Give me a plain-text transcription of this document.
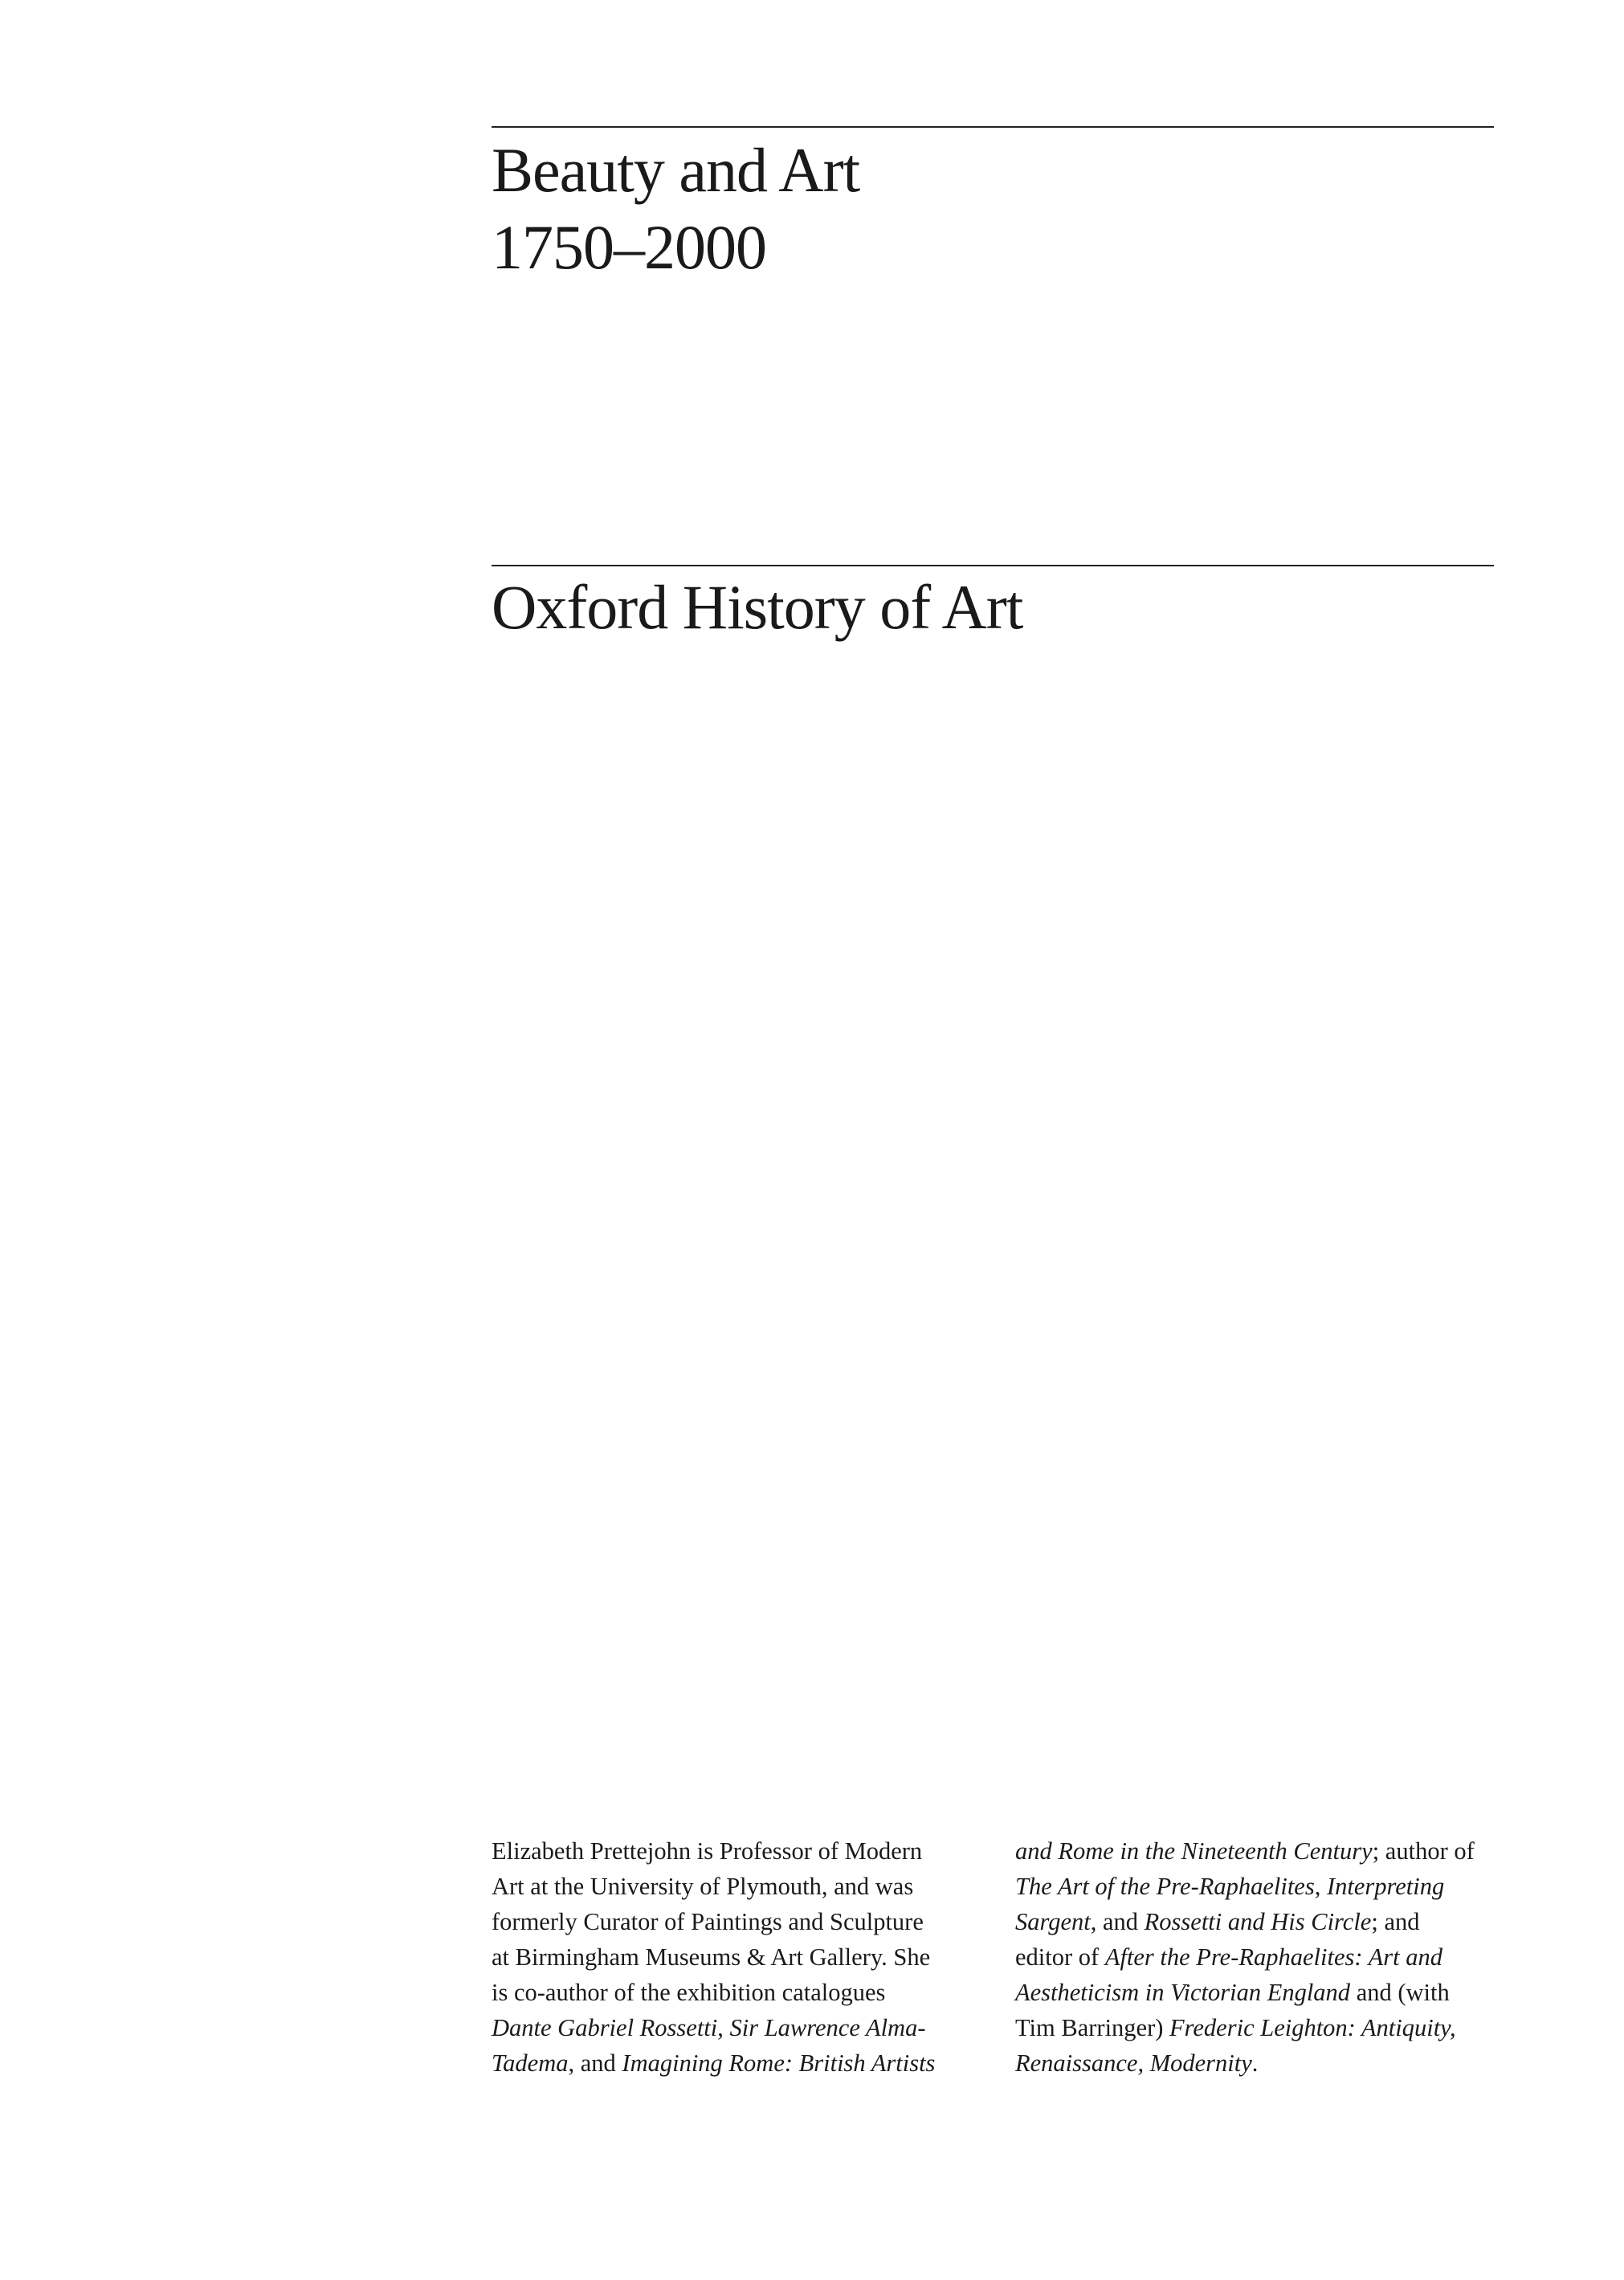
Beauty and Art
1750–2000
Oxford History of Art

Elizabeth Prettejohn is Professor of Modern
Art at the University of Plymouth, and was
formerly Curator of Paintings and Sculpture
at Birmingham Museums & Art Gallery. She
is co-author of the exhibition catalogues
Dante Gabriel Rossetti, Sir Lawrence Alma-
Tadema, and Imagining Rome: British Artists

and Rome in the Nineteenth Century; author of
The Art of the Pre-Raphaelites, Interpreting
Sargent, and Rossetti and His Circle; and
editor of After the Pre-Raphaelites: Art and
Aestheticism in Victorian England and (with
Tim Barringer) Frederic Leighton: Antiquity,
Renaissance, Modernity.
